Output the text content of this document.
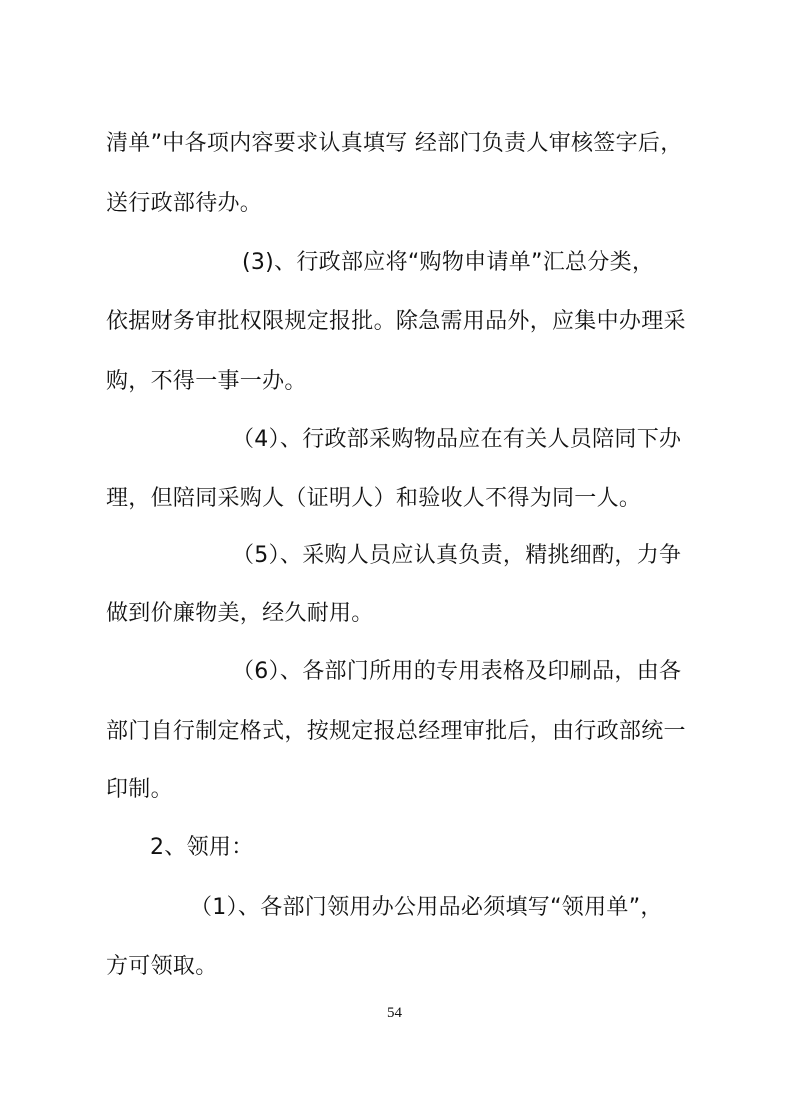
清单”中各项内容要求认真填写 经部门负责人审核签字后，
送行政部待办。
(3)、行政部应将“购物申请单”汇总分类，
依据财务审批权限规定报批。除急需用品外，应集中办理采
购，不得一事一办。
（4）、行政部采购物品应在有关人员陪同下办
理，但陪同采购人（证明人）和验收人不得为同一人。
（5）、采购人员应认真负责，精挑细酌，力争
做到价廉物美，经久耐用。
（6）、各部门所用的专用表格及印刷品，由各
部门自行制定格式，按规定报总经理审批后，由行政部统一
印制。
2、领用：
（1）、各部门领用办公用品必须填写“领用单”，
方可领取。
54
